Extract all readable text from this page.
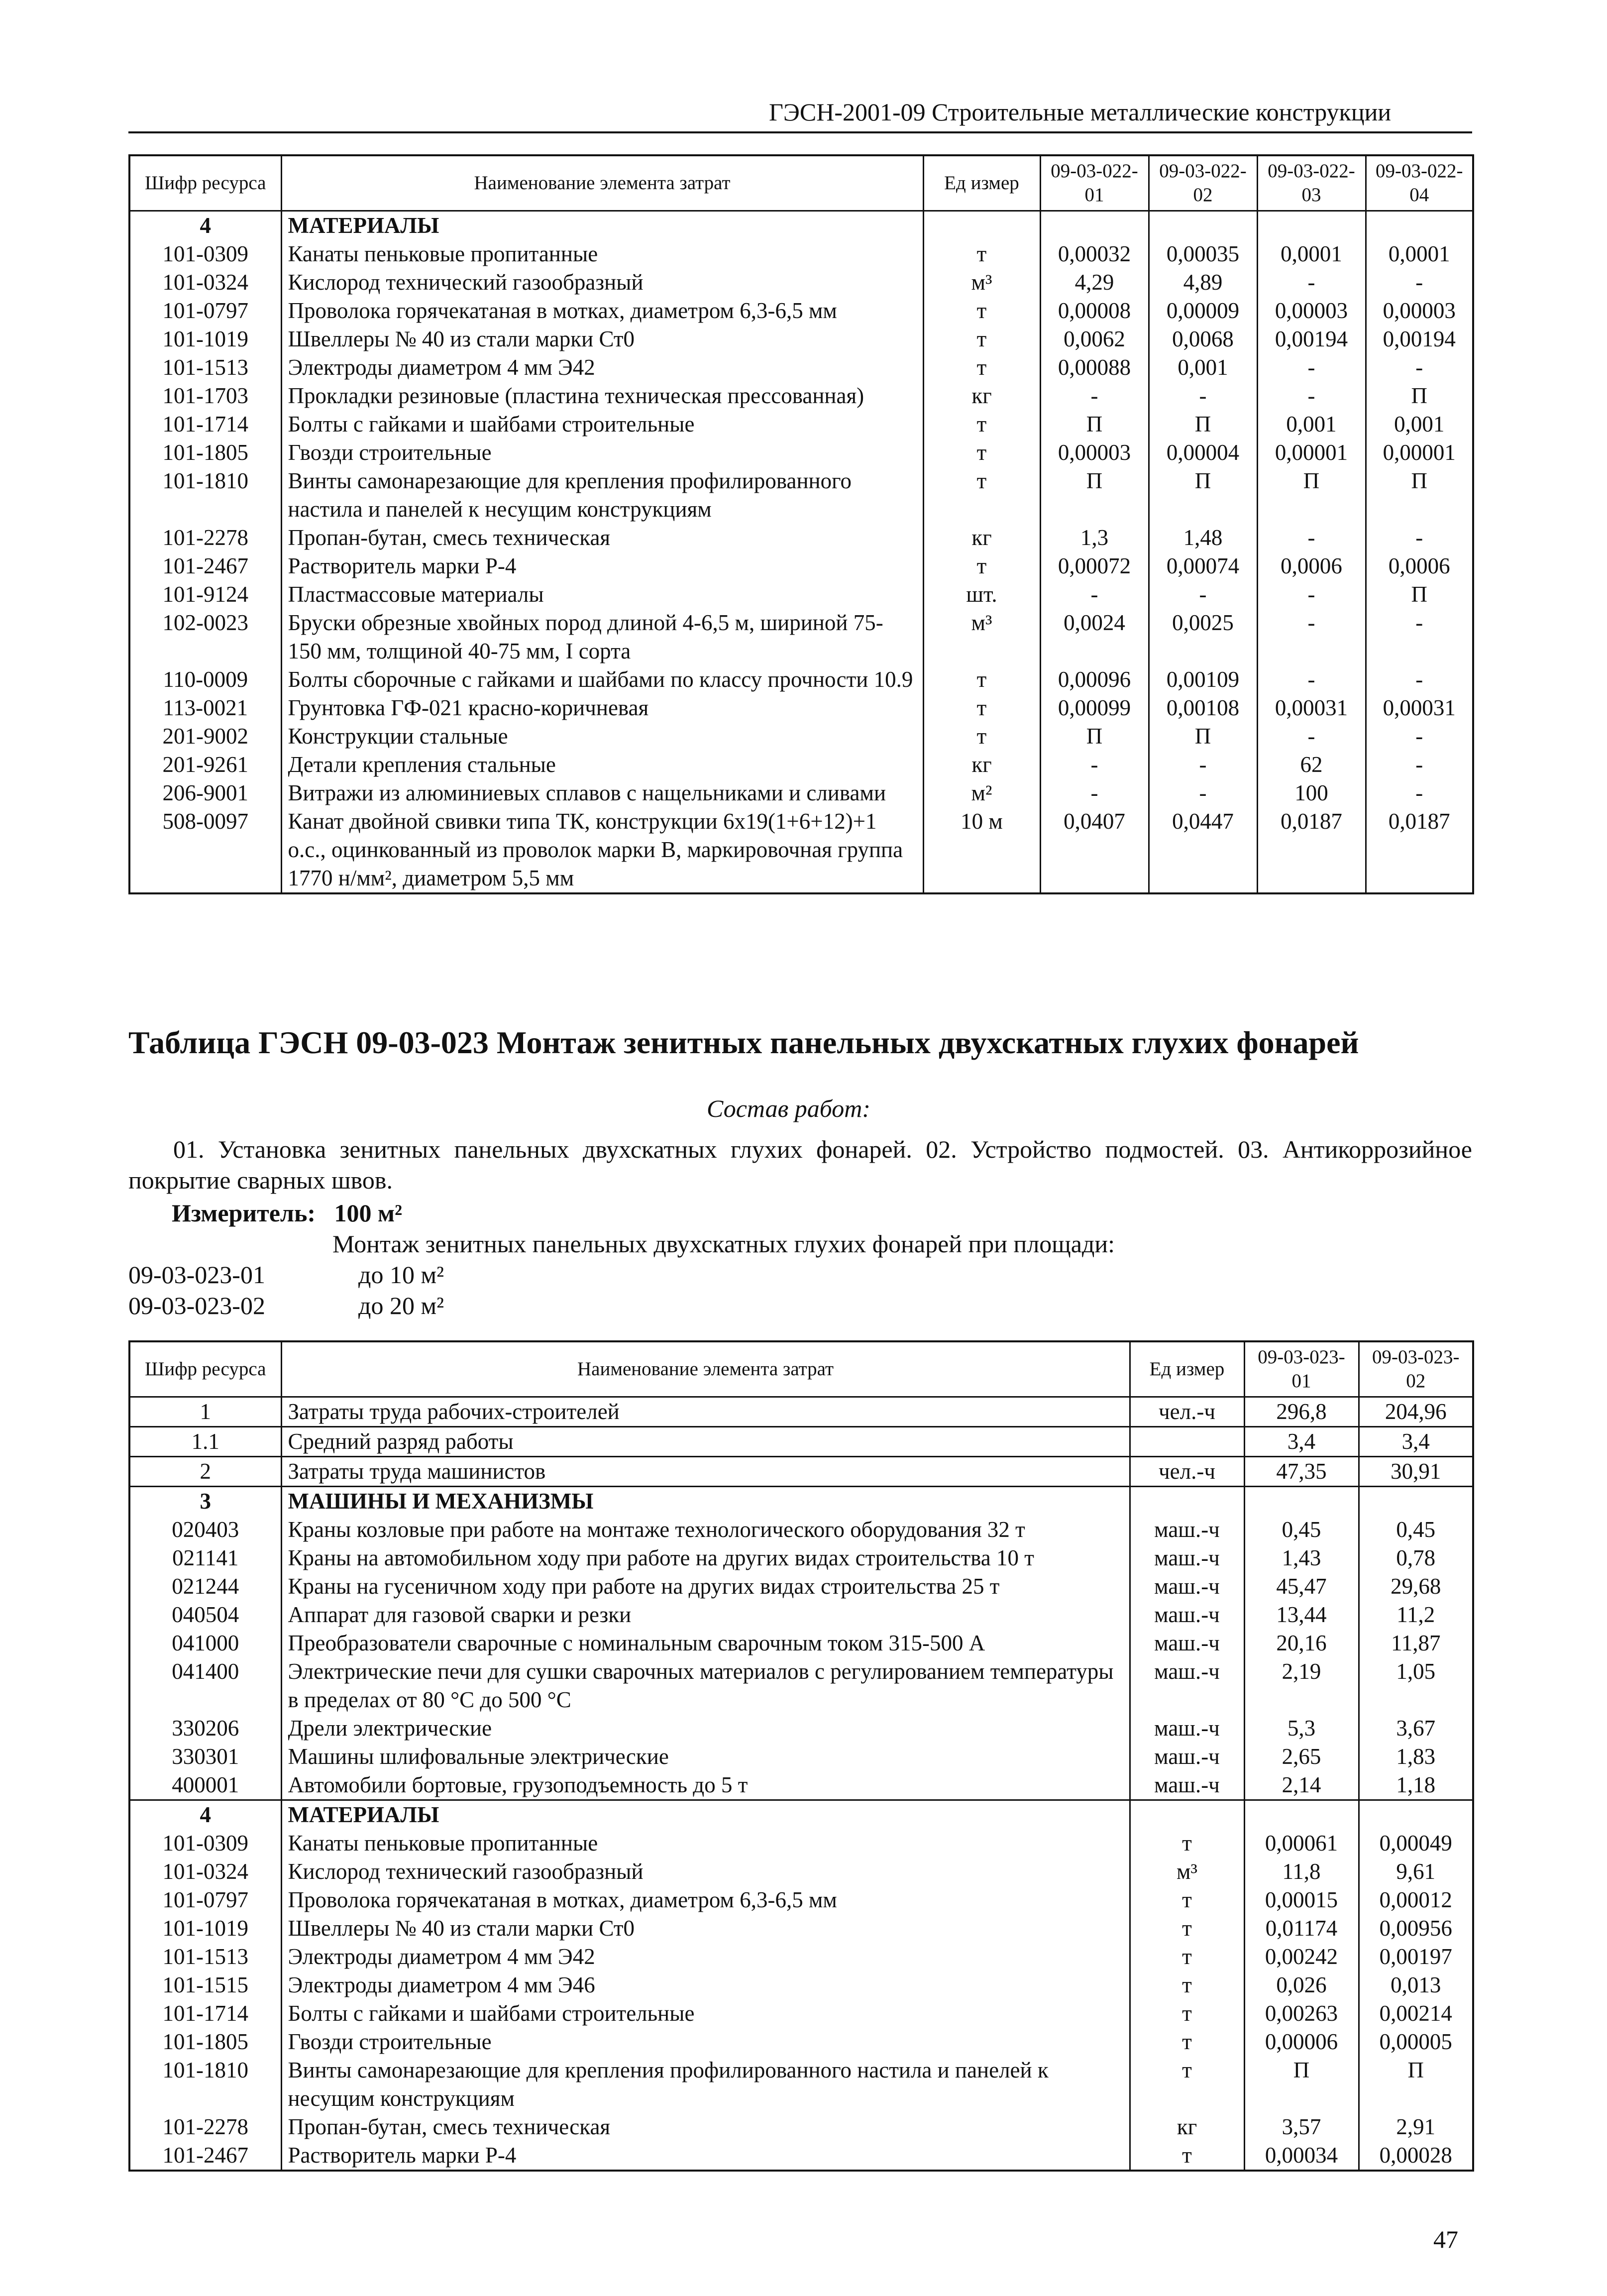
ГЭСН-2001-09 Строительные металлические конструкции
Шифр ресурса	Наименование элемента затрат	Ед измер	09-03-022-01	09-03-022-02	09-03-022-03	09-03-022-04
4	МАТЕРИАЛЫ					
101-0309	Канаты пеньковые пропитанные	т	0,00032	0,00035	0,0001	0,0001
101-0324	Кислород технический газообразный	м³	4,29	4,89	-	-
101-0797	Проволока горячекатаная в мотках, диаметром 6,3-6,5 мм	т	0,00008	0,00009	0,00003	0,00003
101-1019	Швеллеры № 40 из стали марки Ст0	т	0,0062	0,0068	0,00194	0,00194
101-1513	Электроды диаметром 4 мм Э42	т	0,00088	0,001	-	-
101-1703	Прокладки резиновые (пластина техническая прессованная)	кг	-	-	-	П
101-1714	Болты с гайками и шайбами строительные	т	П	П	0,001	0,001
101-1805	Гвозди строительные	т	0,00003	0,00004	0,00001	0,00001
101-1810	Винты самонарезающие для крепления профилированного настила и панелей к несущим конструкциям	т	П	П	П	П
101-2278	Пропан-бутан, смесь техническая	кг	1,3	1,48	-	-
101-2467	Растворитель марки Р-4	т	0,00072	0,00074	0,0006	0,0006
101-9124	Пластмассовые материалы	шт.	-	-	-	П
102-0023	Бруски обрезные хвойных пород длиной 4-6,5 м, шириной 75-150 мм, толщиной 40-75 мм, I сорта	м³	0,0024	0,0025	-	-
110-0009	Болты сборочные с гайками и шайбами по классу прочности 10.9	т	0,00096	0,00109	-	-
113-0021	Грунтовка ГФ-021 красно-коричневая	т	0,00099	0,00108	0,00031	0,00031
201-9002	Конструкции стальные	т	П	П	-	-
201-9261	Детали крепления стальные	кг	-	-	62	-
206-9001	Витражи из алюминиевых сплавов с нащельниками и сливами	м²	-	-	100	-
508-0097	Канат двойной свивки типа ТК, конструкции 6х19(1+6+12)+1 о.с., оцинкованный из проволок марки В, маркировочная группа 1770 н/мм², диаметром 5,5 мм	10 м	0,0407	0,0447	0,0187	0,0187
Таблица ГЭСН 09-03-023 Монтаж зенитных панельных двухскатных глухих фонарей
Состав работ:
01. Установка зенитных панельных двухскатных глухих фонарей. 02. Устройство подмостей. 03. Антикоррозийное покрытие сварных швов.
Измеритель: 100 м²
Монтаж зенитных панельных двухскатных глухих фонарей при площади:
09-03-023-01	до 10 м²
09-03-023-02	до 20 м²
Шифр ресурса	Наименование элемента затрат	Ед измер	09-03-023-01	09-03-023-02
1	Затраты труда рабочих-строителей	чел.-ч	296,8	204,96
1.1	Средний разряд работы		3,4	3,4
2	Затраты труда машинистов	чел.-ч	47,35	30,91
3	МАШИНЫ И МЕХАНИЗМЫ			
020403	Краны козловые при работе на монтаже технологического оборудования 32 т	маш.-ч	0,45	0,45
021141	Краны на автомобильном ходу при работе на других видах строительства 10 т	маш.-ч	1,43	0,78
021244	Краны на гусеничном ходу при работе на других видах строительства 25 т	маш.-ч	45,47	29,68
040504	Аппарат для газовой сварки и резки	маш.-ч	13,44	11,2
041000	Преобразователи сварочные с номинальным сварочным током 315-500 А	маш.-ч	20,16	11,87
041400	Электрические печи для сушки сварочных материалов с регулированием температуры в пределах от 80 °С до 500 °С	маш.-ч	2,19	1,05
330206	Дрели электрические	маш.-ч	5,3	3,67
330301	Машины шлифовальные электрические	маш.-ч	2,65	1,83
400001	Автомобили бортовые, грузоподъемность до 5 т	маш.-ч	2,14	1,18
4	МАТЕРИАЛЫ			
101-0309	Канаты пеньковые пропитанные	т	0,00061	0,00049
101-0324	Кислород технический газообразный	м³	11,8	9,61
101-0797	Проволока горячекатаная в мотках, диаметром 6,3-6,5 мм	т	0,00015	0,00012
101-1019	Швеллеры № 40 из стали марки Ст0	т	0,01174	0,00956
101-1513	Электроды диаметром 4 мм Э42	т	0,00242	0,00197
101-1515	Электроды диаметром 4 мм Э46	т	0,026	0,013
101-1714	Болты с гайками и шайбами строительные	т	0,00263	0,00214
101-1805	Гвозди строительные	т	0,00006	0,00005
101-1810	Винты самонарезающие для крепления профилированного настила и панелей к несущим конструкциям	т	П	П
101-2278	Пропан-бутан, смесь техническая	кг	3,57	2,91
101-2467	Растворитель марки Р-4	т	0,00034	0,00028
47
